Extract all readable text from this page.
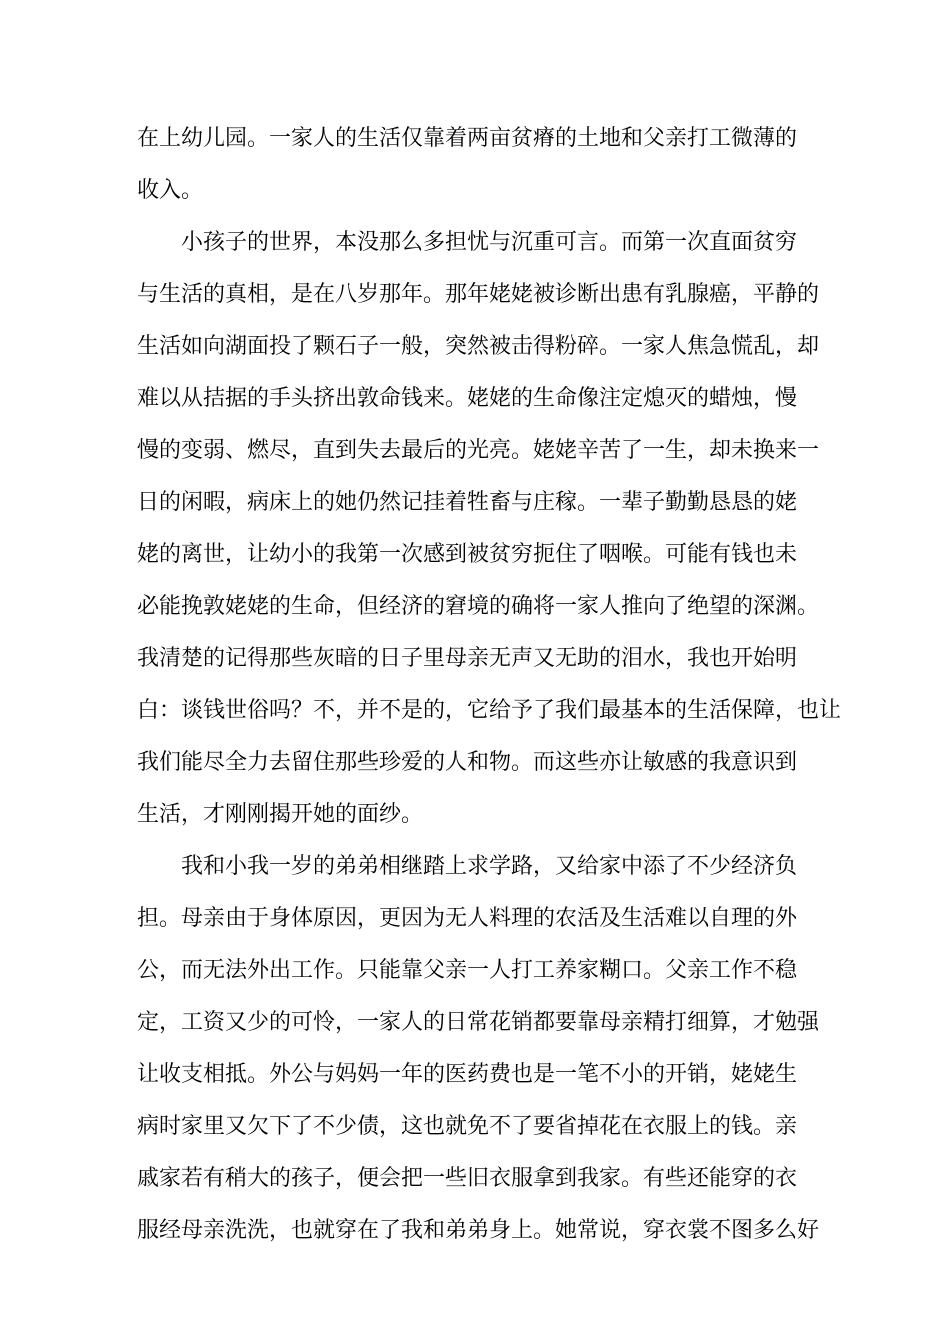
在上幼儿园。一家人的生活仅靠着两亩贫瘠的土地和父亲打工微薄的
收入。
　　小孩子的世界，本没那么多担忧与沉重可言。而第一次直面贫穷
与生活的真相，是在八岁那年。那年姥姥被诊断出患有乳腺癌，平静的
生活如向湖面投了颗石子一般，突然被击得粉碎。一家人焦急慌乱，却
难以从拮据的手头挤出敦命钱来。姥姥的生命像注定熄灭的蜡烛，慢
慢的变弱、燃尽，直到失去最后的光亮。姥姥辛苦了一生，却未换来一
日的闲暇，病床上的她仍然记挂着牲畜与庄稼。一辈子勤勤恳恳的姥
姥的离世，让幼小的我第一次感到被贫穷扼住了咽喉。可能有钱也未
必能挽敦姥姥的生命，但经济的窘境的确将一家人推向了绝望的深渊。
我清楚的记得那些灰暗的日子里母亲无声又无助的泪水，我也开始明
白：谈钱世俗吗？不，并不是的，它给予了我们最基本的生活保障，也让
我们能尽全力去留住那些珍爱的人和物。而这些亦让敏感的我意识到
生活，才刚刚揭开她的面纱。
　　我和小我一岁的弟弟相继踏上求学路，又给家中添了不少经济负
担。母亲由于身体原因，更因为无人料理的农活及生活难以自理的外
公，而无法外出工作。只能靠父亲一人打工养家糊口。父亲工作不稳
定，工资又少的可怜，一家人的日常花销都要靠母亲精打细算，才勉强
让收支相抵。外公与妈妈一年的医药费也是一笔不小的开销，姥姥生
病时家里又欠下了不少债，这也就免不了要省掉花在衣服上的钱。亲
戚家若有稍大的孩子，便会把一些旧衣服拿到我家。有些还能穿的衣
服经母亲洗洗，也就穿在了我和弟弟身上。她常说，穿衣裳不图多么好
